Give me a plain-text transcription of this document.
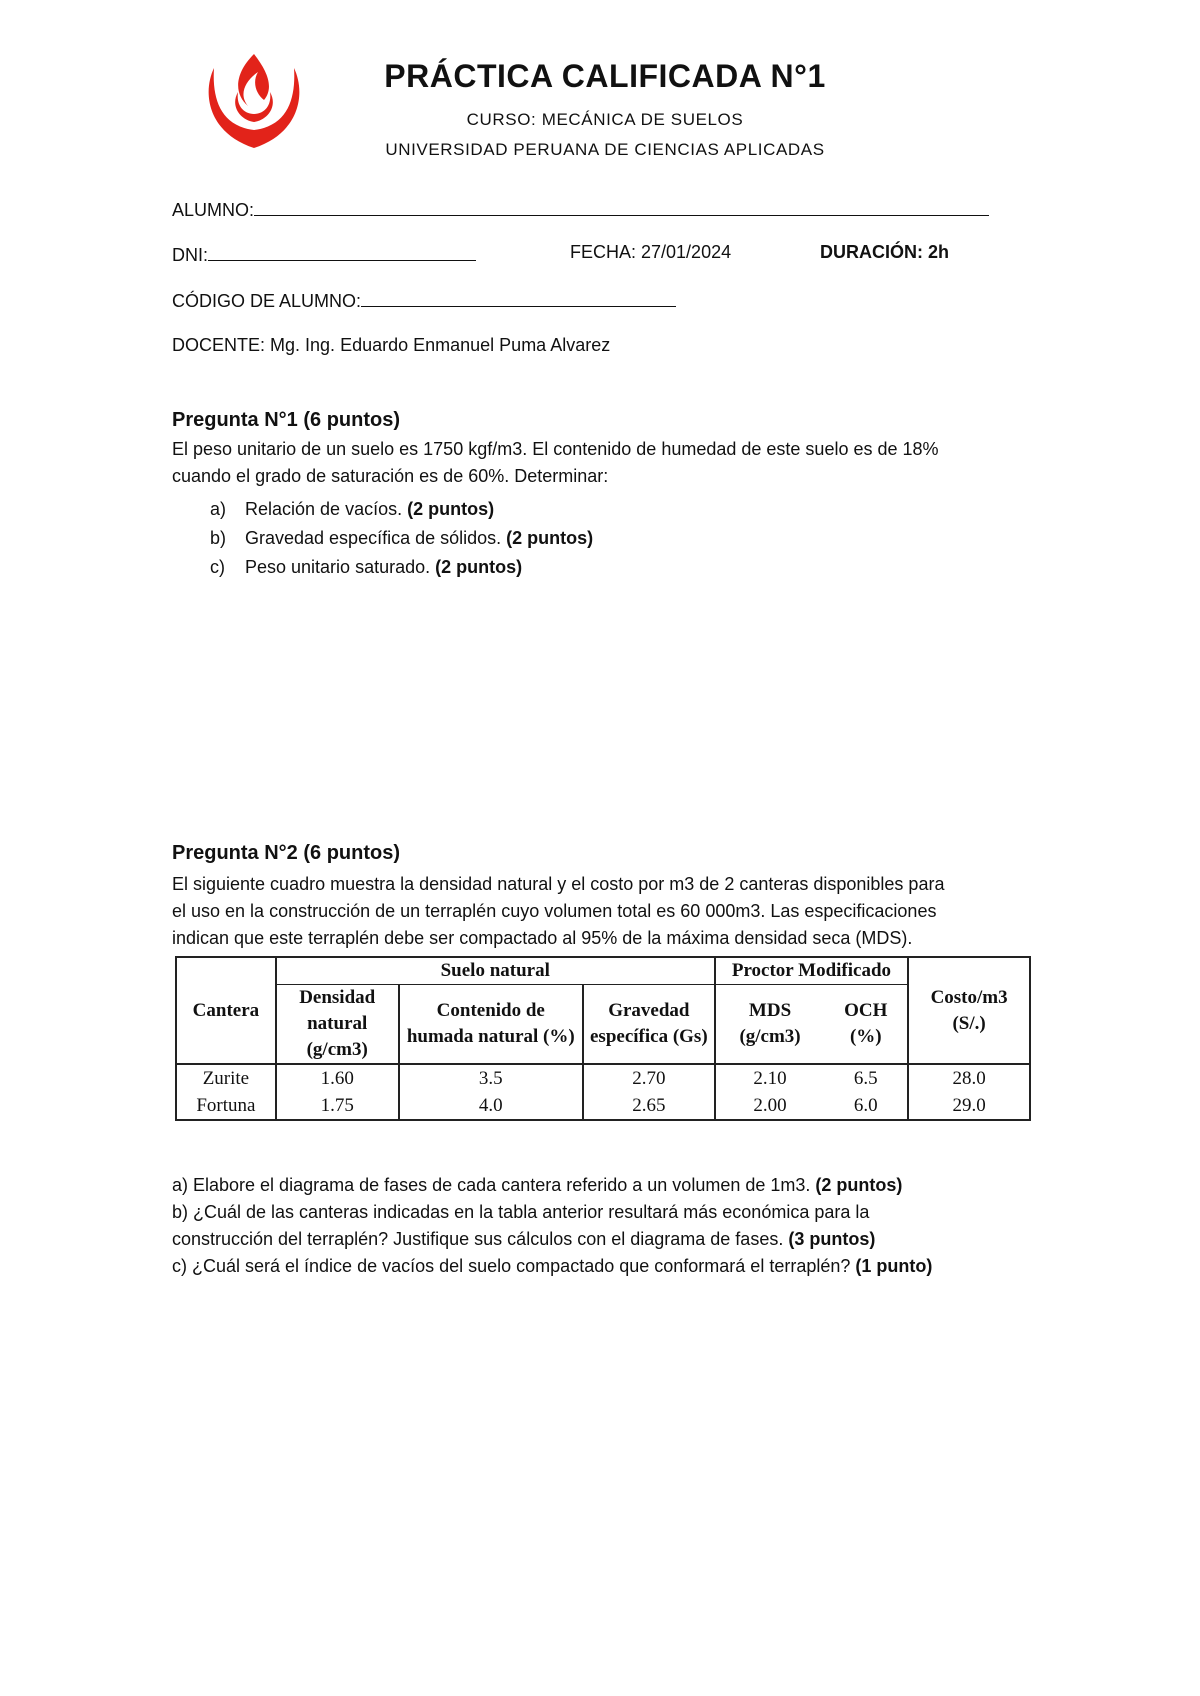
PRÁCTICA CALIFICADA N°1
CURSO: MECÁNICA DE SUELOS
UNIVERSIDAD PERUANA DE CIENCIAS APLICADAS
ALUMNO:
DNI:	FECHA: 27/01/2024	DURACIÓN: 2h
CÓDIGO DE ALUMNO:
DOCENTE: Mg. Ing. Eduardo Enmanuel Puma Alvarez
Pregunta N°1 (6 puntos)
El peso unitario de un suelo es 1750 kgf/m3. El contenido de humedad de este suelo es de 18%
cuando el grado de saturación es de 60%. Determinar:
a) Relación de vacíos. (2 puntos)
b) Gravedad específica de sólidos. (2 puntos)
c) Peso unitario saturado. (2 puntos)
Pregunta N°2 (6 puntos)
El siguiente cuadro muestra la densidad natural y el costo por m3 de 2 canteras disponibles para
el uso en la construcción de un terraplén cuyo volumen total es 60 000m3. Las especificaciones
indican que este terraplén debe ser compactado al 95% de la máxima densidad seca (MDS).
Cantera	Suelo natural			Proctor Modificado		Costo/m3 (S/.)
	Densidad natural (g/cm3)	Contenido de humada natural (%)	Gravedad específica (Gs)	MDS (g/cm3)	OCH (%)	
Zurite	1.60	3.5	2.70	2.10	6.5	28.0
Fortuna	1.75	4.0	2.65	2.00	6.0	29.0
a) Elabore el diagrama de fases de cada cantera referido a un volumen de 1m3. (2 puntos)
b) ¿Cuál de las canteras indicadas en la tabla anterior resultará más económica para la
construcción del terraplén? Justifique sus cálculos con el diagrama de fases. (3 puntos)
c) ¿Cuál será el índice de vacíos del suelo compactado que conformará el terraplén? (1 punto)
